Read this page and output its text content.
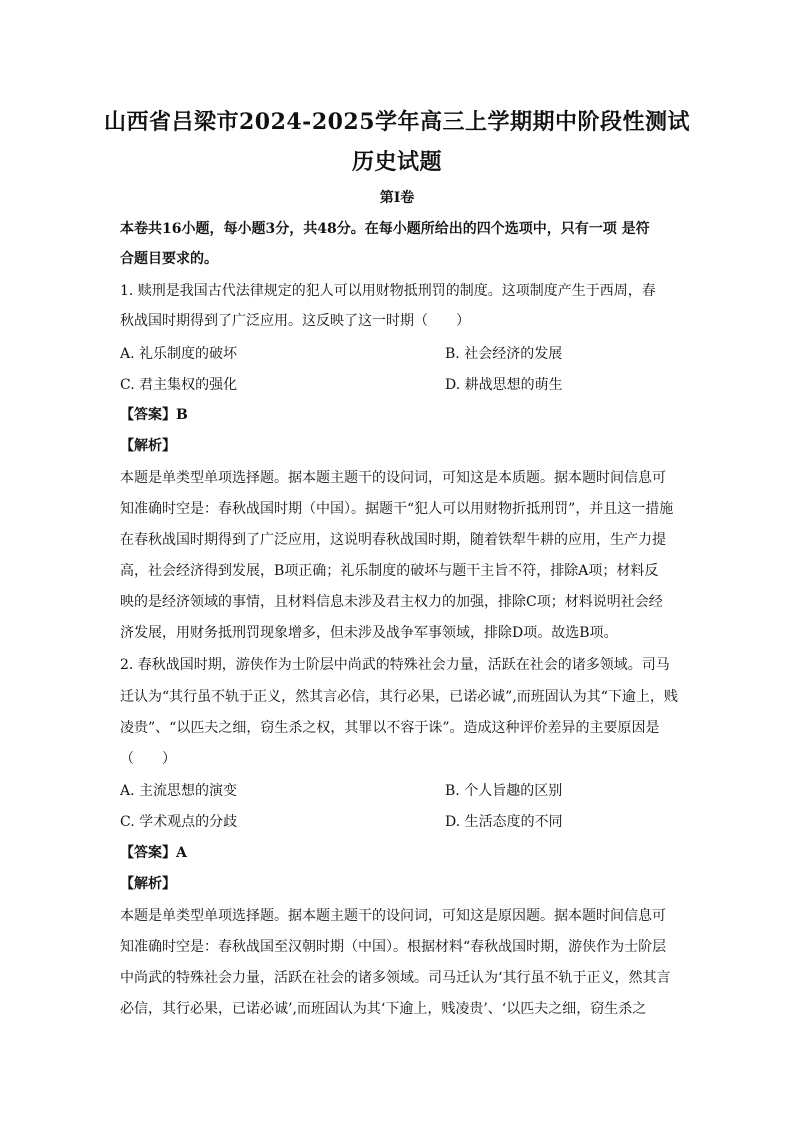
山西省吕梁市2024-2025学年高三上学期期中阶段性测试
历史试题
第I卷
本卷共16小题，每小题3分，共48分。在每小题所给出的四个选项中，只有一项 是符
合题目要求的。
1. 赎刑是我国古代法律规定的犯人可以用财物抵刑罚的制度。这项制度产生于西周，春
秋战国时期得到了广泛应用。这反映了这一时期（　　）
A. 礼乐制度的破坏	B. 社会经济的发展
C. 君主集权的强化	D. 耕战思想的萌生
【答案】B
【解析】
本题是单类型单项选择题。据本题主题干的设问词，可知这是本质题。据本题时间信息可
知准确时空是：春秋战国时期（中国）。据题干“犯人可以用财物折抵刑罚”，并且这一措施
在春秋战国时期得到了广泛应用，这说明春秋战国时期，随着铁犁牛耕的应用，生产力提
高，社会经济得到发展，B项正确；礼乐制度的破坏与题干主旨不符，排除A项；材料反
映的是经济领域的事情，且材料信息未涉及君主权力的加强，排除C项；材料说明社会经
济发展，用财务抵刑罚现象增多，但未涉及战争军事领域，排除D项。故选B项。
2. 春秋战国时期，游侠作为士阶层中尚武的特殊社会力量，活跃在社会的诸多领域。司马
迁认为“其行虽不轨于正义，然其言必信，其行必果，已诺必诚”,而班固认为其“下逾上，贱
凌贵”、“以匹夫之细，窃生杀之权，其罪以不容于诛”。造成这种评价差异的主要原因是
（　　）
A. 主流思想的演变	B. 个人旨趣的区别
C. 学术观点的分歧	D. 生活态度的不同
【答案】A
【解析】
本题是单类型单项选择题。据本题主题干的设问词，可知这是原因题。据本题时间信息可
知准确时空是：春秋战国至汉朝时期（中国）。根据材料“春秋战国时期，游侠作为士阶层
中尚武的特殊社会力量，活跃在社会的诸多领域。司马迁认为‘其行虽不轨于正义，然其言
必信，其行必果，已诺必诚’,而班固认为其‘下逾上，贱凌贵’、‘以匹夫之细，窃生杀之
